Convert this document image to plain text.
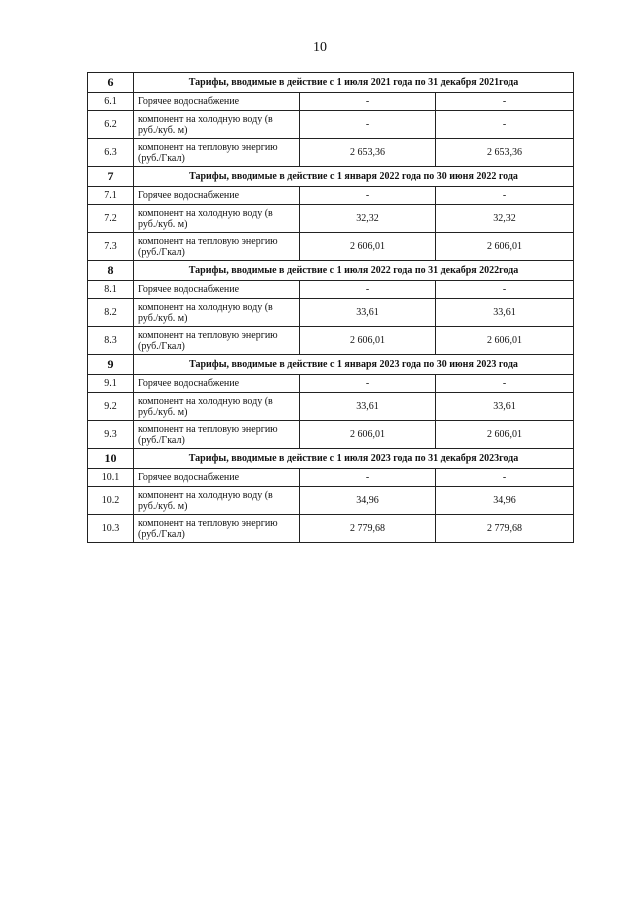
10
6	Тарифы, вводимые в действие с 1 июля 2021 года по 31 декабря 2021года		
6.1	Горячее водоснабжение	-	-
6.2	компонент на холодную воду (в руб./куб. м)	-	-
6.3	компонент на тепловую энергию (руб./Гкал)	2 653,36	2 653,36
7	Тарифы, вводимые в действие с 1 января 2022 года по 30 июня 2022 года		
7.1	Горячее водоснабжение	-	-
7.2	компонент на холодную воду (в руб./куб. м)	32,32	32,32
7.3	компонент на тепловую энергию (руб./Гкал)	2 606,01	2 606,01
8	Тарифы, вводимые в действие с 1 июля 2022 года по 31 декабря 2022года		
8.1	Горячее водоснабжение	-	-
8.2	компонент на холодную воду (в руб./куб. м)	33,61	33,61
8.3	компонент на тепловую энергию (руб./Гкал)	2 606,01	2 606,01
9	Тарифы, вводимые в действие с 1 января 2023 года по 30 июня 2023 года		
9.1	Горячее водоснабжение	-	-
9.2	компонент на холодную воду (в руб./куб. м)	33,61	33,61
9.3	компонент на тепловую энергию (руб./Гкал)	2 606,01	2 606,01
10	Тарифы, вводимые в действие с 1 июля 2023 года по 31 декабря 2023года		
10.1	Горячее водоснабжение	-	-
10.2	компонент на холодную воду (в руб./куб. м)	34,96	34,96
10.3	компонент на тепловую энергию (руб./Гкал)	2 779,68	2 779,68
